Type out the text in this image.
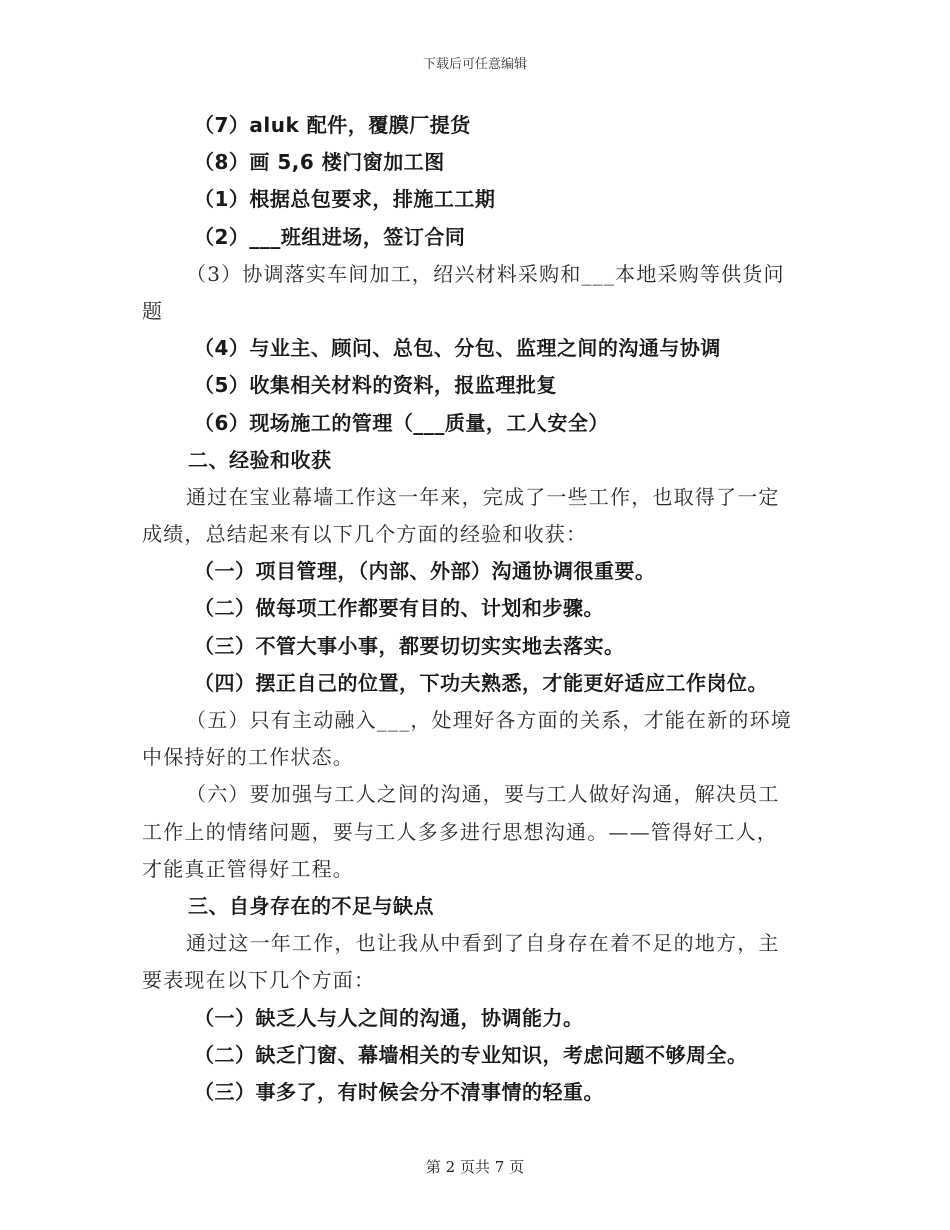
下载后可任意编辑
（7）aluk 配件，覆膜厂提货
（8）画 5,6 楼门窗加工图
（1）根据总包要求，排施工工期
（2）___班组进场，签订合同
（3）协调落实车间加工，绍兴材料采购和___本地采购等供货问
题
（4）与业主、顾问、总包、分包、监理之间的沟通与协调
（5）收集相关材料的资料，报监理批复
（6）现场施工的管理（___质量，工人安全）
二、经验和收获
通过在宝业幕墙工作这一年来，完成了一些工作，也取得了一定
成绩，总结起来有以下几个方面的经验和收获：
（一）项目管理，（内部、外部）沟通协调很重要。
（二）做每项工作都要有目的、计划和步骤。
（三）不管大事小事，都要切切实实地去落实。
（四）摆正自己的位置，下功夫熟悉，才能更好适应工作岗位。
（五）只有主动融入___，处理好各方面的关系，才能在新的环境
中保持好的工作状态。
（六）要加强与工人之间的沟通，要与工人做好沟通，解决员工
工作上的情绪问题，要与工人多多进行思想沟通。——管得好工人，
才能真正管得好工程。
三、自身存在的不足与缺点
通过这一年工作，也让我从中看到了自身存在着不足的地方，主
要表现在以下几个方面：
（一）缺乏人与人之间的沟通，协调能力。
（二）缺乏门窗、幕墙相关的专业知识，考虑问题不够周全。
（三）事多了，有时候会分不清事情的轻重。
第 2 页共 7 页
